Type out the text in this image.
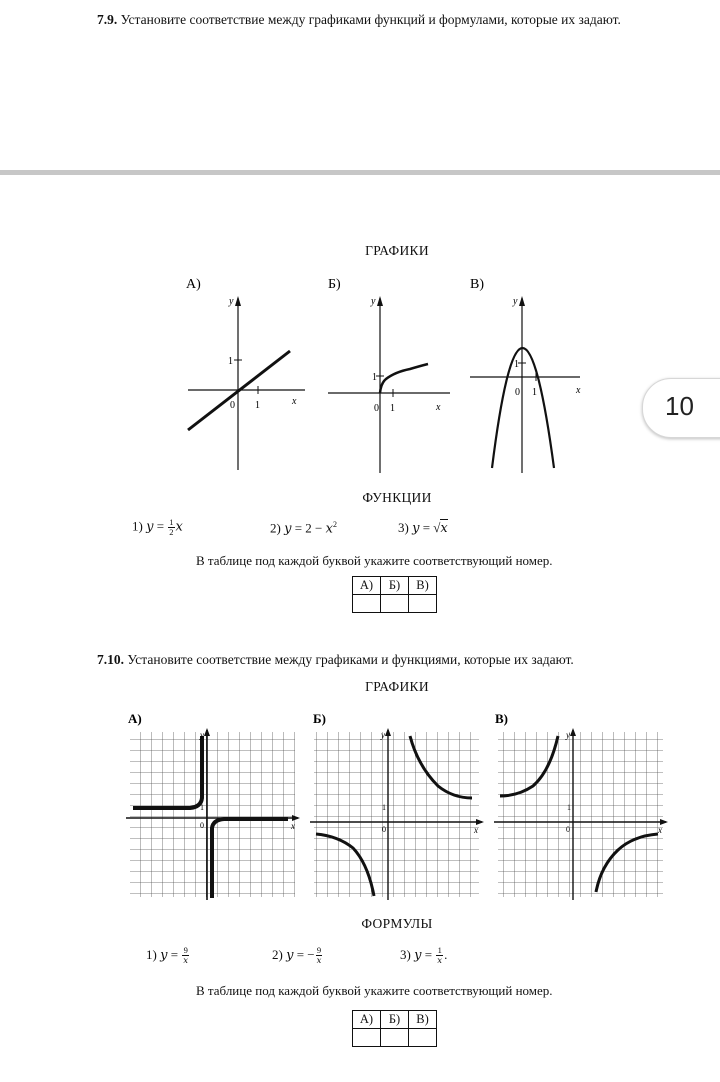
7.9. Установите соответствие между графиками функций и формулами, которые их задают.
ГРАФИКИ
А)	Б)	В)
y
x
1
0 1
y
x
1
0 1
y
x
1
0 1
ФУНКЦИИ
1) $y = \frac{1}{2}$ x	2) $y = 2 - x^2$	3) y = √x
В таблице под каждой буквой укажите соответствующий номер.
А)	Б)	В)

7.10. Установите соответствие между графиками и функциями, которые их задают.
ГРАФИКИ
А)	Б)	В)
y
x
0
1
y
x
0
1
y
x
0
1
ФОРМУЛЫ
1) $y = \frac{9}{x}$	2) y = − $\frac{9}{x}$	3) $y = \frac{1}{x}$ .
В таблице под каждой буквой укажите соответствующий номер.
А)	Б)	В)

10
